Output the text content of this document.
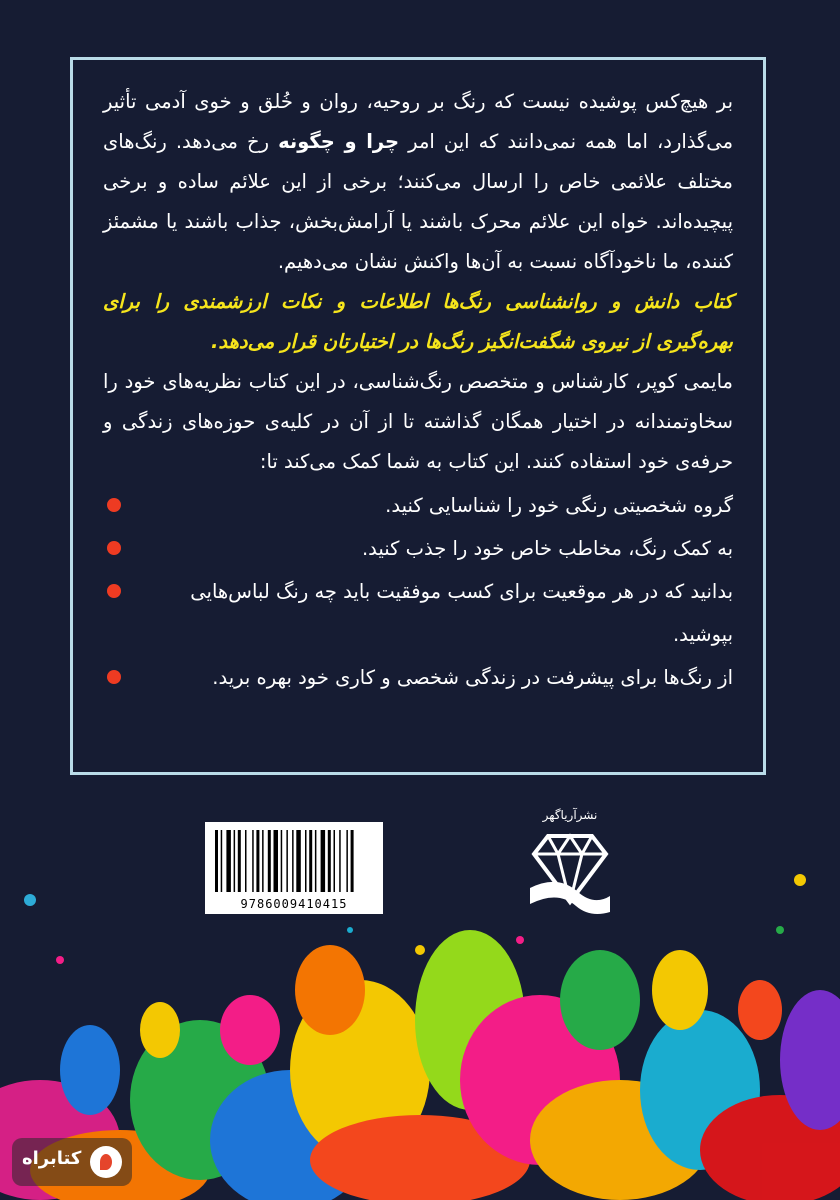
بر هیچ‌کس پوشیده نیست که رنگ بر روحیه، روان و خُلق و خوی آدمی تأثیر می‌گذارد، اما همه نمی‌دانند که این امر چرا و چگونه رخ می‌دهد. رنگ‌های مختلف علائمی خاص را ارسال می‌کنند؛ برخی از این علائم ساده و برخی پیچیده‌اند. خواه این علائم محرک باشند یا آرامش‌بخش، جذاب باشند یا مشمئز کننده، ما ناخودآگاه نسبت به آن‌ها واکنش نشان می‌دهیم.

کتاب دانش و روانشناسی رنگ‌ها اطلاعات و نکات ارزشمندی را برای بهره‌گیری از نیروی شگفت‌انگیز رنگ‌ها در اختیارتان قرار می‌دهد.

مایمی کوپر، کارشناس و متخصص رنگ‌شناسی، در این کتاب نظریه‌های خود را سخاوتمندانه در اختیار همگان گذاشته تا از آن در کلیه‌ی حوزه‌های زندگی و حرفه‌ی خود استفاده کنند. این کتاب به شما کمک می‌کند تا:

گروه شخصیتی رنگی خود را شناسایی کنید.
به کمک رنگ، مخاطب خاص خود را جذب کنید.
بدانید که در هر موقعیت برای کسب موفقیت باید چه رنگ لباس‌هایی بپوشید.
از رنگ‌ها برای پیشرفت در زندگی شخصی و کاری خود بهره برید.
9786009410415
نشرآریاگهر
کتابراه
